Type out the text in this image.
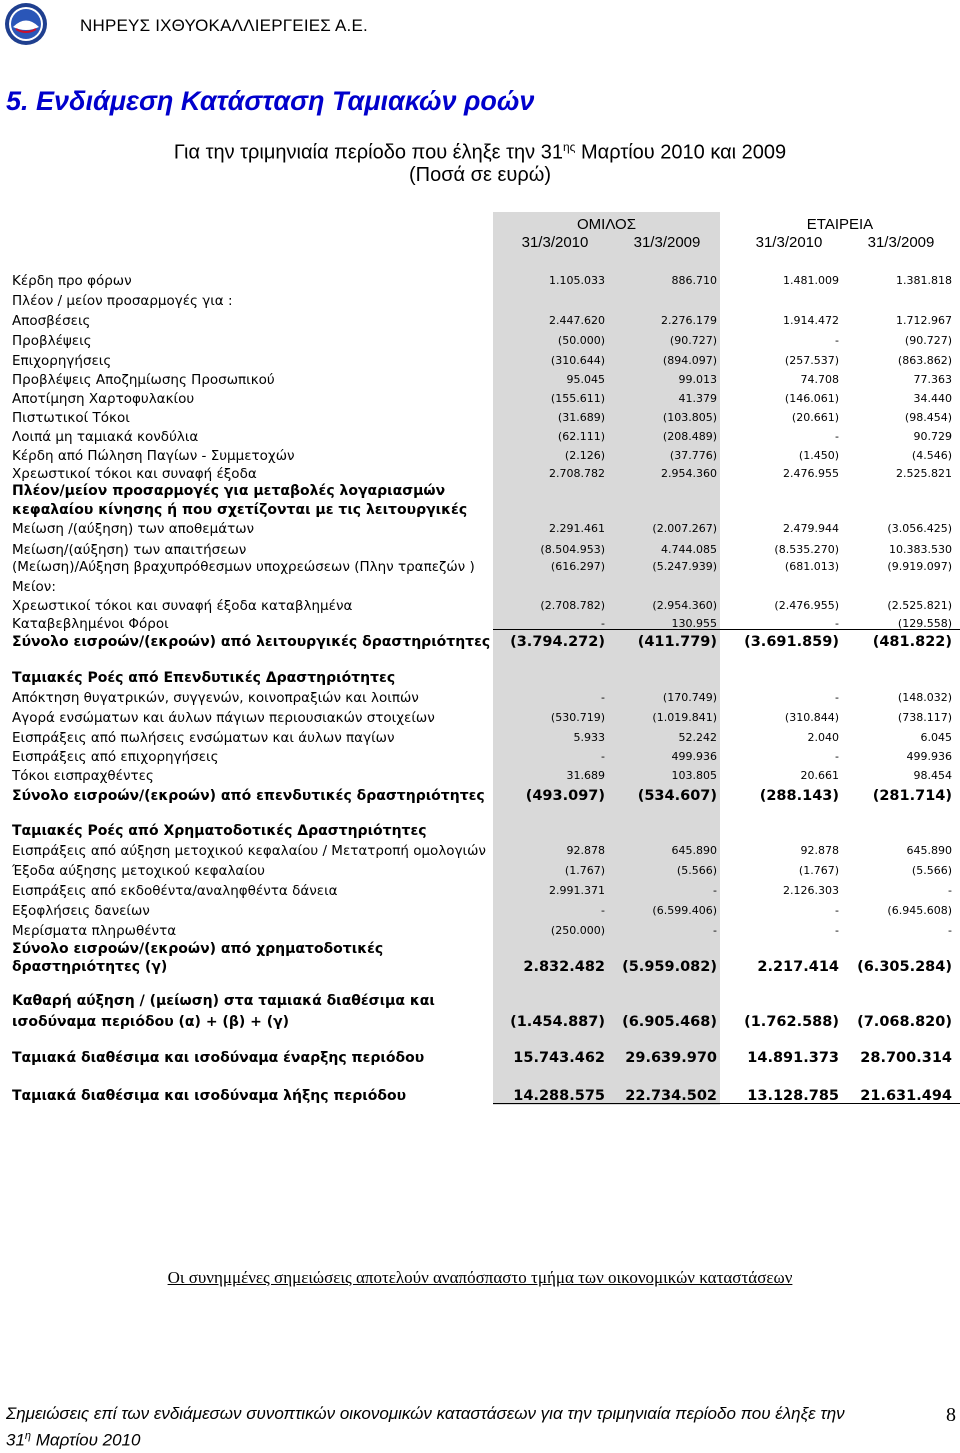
ΝΗΡΕΥΣ ΙΧΘΥΟΚΑΛΛΙΕΡΓΕΙΕΣ Α.Ε.
5. Ενδιάμεση Κατάσταση Ταμιακών ροών
Για την τριμηνιαία περίοδο που έληξε την $31^{\eta\varsigma}$ Μαρτίου 2010 και 2009
(Ποσά σε ευρώ)
ΟΜΙΛΟΣ	ΕΤΑΙΡΕΙΑ
31/3/2010	31/3/2009	31/3/2010	31/3/2009
Κέρδη προ φόρων	1.105.033	886.710	1.481.009	1.381.818
Πλέον / μείον προσαρμογές για :
Αποσβέσεις	2.447.620	2.276.179	1.914.472	1.712.967
Προβλέψεις	(50.000)	(90.727)	-	(90.727)
Επιχορηγήσεις	(310.644)	(894.097)	(257.537)	(863.862)
Προβλέψεις Αποζημίωσης Προσωπικού	95.045	99.013	74.708	77.363
Αποτίμηση Χαρτοφυλακίου	(155.611)	41.379	(146.061)	34.440
Πιστωτικοί Τόκοι	(31.689)	(103.805)	(20.661)	(98.454)
Λοιπά μη ταμιακά κονδύλια	(62.111)	(208.489)	-	90.729
Κέρδη από Πώληση Παγίων - Συμμετοχών	(2.126)	(37.776)	(1.450)	(4.546)
Χρεωστικοί τόκοι και συναφή έξοδα	2.708.782	2.954.360	2.476.955	2.525.821
Πλέον/μείον προσαρμογές για μεταβολές λογαριασμών
κεφαλαίου κίνησης ή που σχετίζονται με τις λειτουργικές
Μείωση /(αύξηση) των αποθεμάτων	2.291.461	(2.007.267)	2.479.944	(3.056.425)
Μείωση/(αύξηση) των απαιτήσεων	(8.504.953)	4.744.085	(8.535.270)	10.383.530
(Μείωση)/Αύξηση βραχυπρόθεσμων υποχρεώσεων (Πλην τραπεζών )	(616.297)	(5.247.939)	(681.013)	(9.919.097)
Μείον:
Χρεωστικοί τόκοι και συναφή έξοδα καταβλημένα	(2.708.782)	(2.954.360)	(2.476.955)	(2.525.821)
Καταβεβλημένοι Φόροι	-	130.955	-	(129.558)
Σύνολο εισροών/(εκροών) από λειτουργικές δραστηριότητες (3.794.272) (411.779) (3.691.859) (481.822)
Ταμιακές Ροές από Επενδυτικές Δραστηριότητες
Απόκτηση θυγατρικών, συγγενών, κοινοπραξιών και λοιπών	-	(170.749)	-	(148.032)
Αγορά ενσώματων και άυλων πάγιων περιουσιακών στοιχείων	(530.719)	(1.019.841)	(310.844)	(738.117)
Εισπράξεις από πωλήσεις ενσώματων και άυλων παγίων	5.933	52.242	2.040	6.045
Εισπράξεις από επιχορηγήσεις	-	499.936	-	499.936
Τόκοι εισπραχθέντες	31.689	103.805	20.661	98.454
Σύνολο εισροών/(εκροών) από επενδυτικές δραστηριότητες	(493.097) (534.607)	(288.143) (281.714)
Ταμιακές Ροές από Χρηματοδοτικές Δραστηριότητες
Εισπράξεις από αύξηση μετοχικού κεφαλαίου / Μετατροπή ομολογιών	92.878	645.890	92.878	645.890
Έξοδα αύξησης μετοχικού κεφαλαίου	(1.767)	(5.566)	(1.767)	(5.566)
Εισπράξεις από εκδοθέντα/αναληφθέντα δάνεια	2.991.371	-	2.126.303	-
Εξοφλήσεις δανείων	-	(6.599.406)	-	(6.945.608)
Μερίσματα πληρωθέντα	(250.000)	-	-	-
Σύνολο εισροών/(εκροών) από χρηματοδοτικές
δραστηριότητες (γ)	2.832.482 (5.959.082)	2.217.414 (6.305.284)
Καθαρή αύξηση / (μείωση) στα ταμιακά διαθέσιμα και
ισοδύναμα περιόδου (α) + (β) + (γ)	(1.454.887) (6.905.468) (1.762.588) (7.068.820)
Ταμιακά διαθέσιμα και ισοδύναμα έναρξης περιόδου	15.743.462 29.639.970 14.891.373 28.700.314
Ταμιακά διαθέσιμα και ισοδύναμα λήξης περιόδου	14.288.575 22.734.502 13.128.785 21.631.494
Οι συνημμένες σημειώσεις αποτελούν αναπόσπαστο τμήμα των οικονομικών καταστάσεων
Σημειώσεις επί των ενδιάμεσων συνοπτικών οικονομικών καταστάσεων για την τριμηνιαία περίοδο που έληξε την
$31^\eta$ Μαρτίου 2010
8
